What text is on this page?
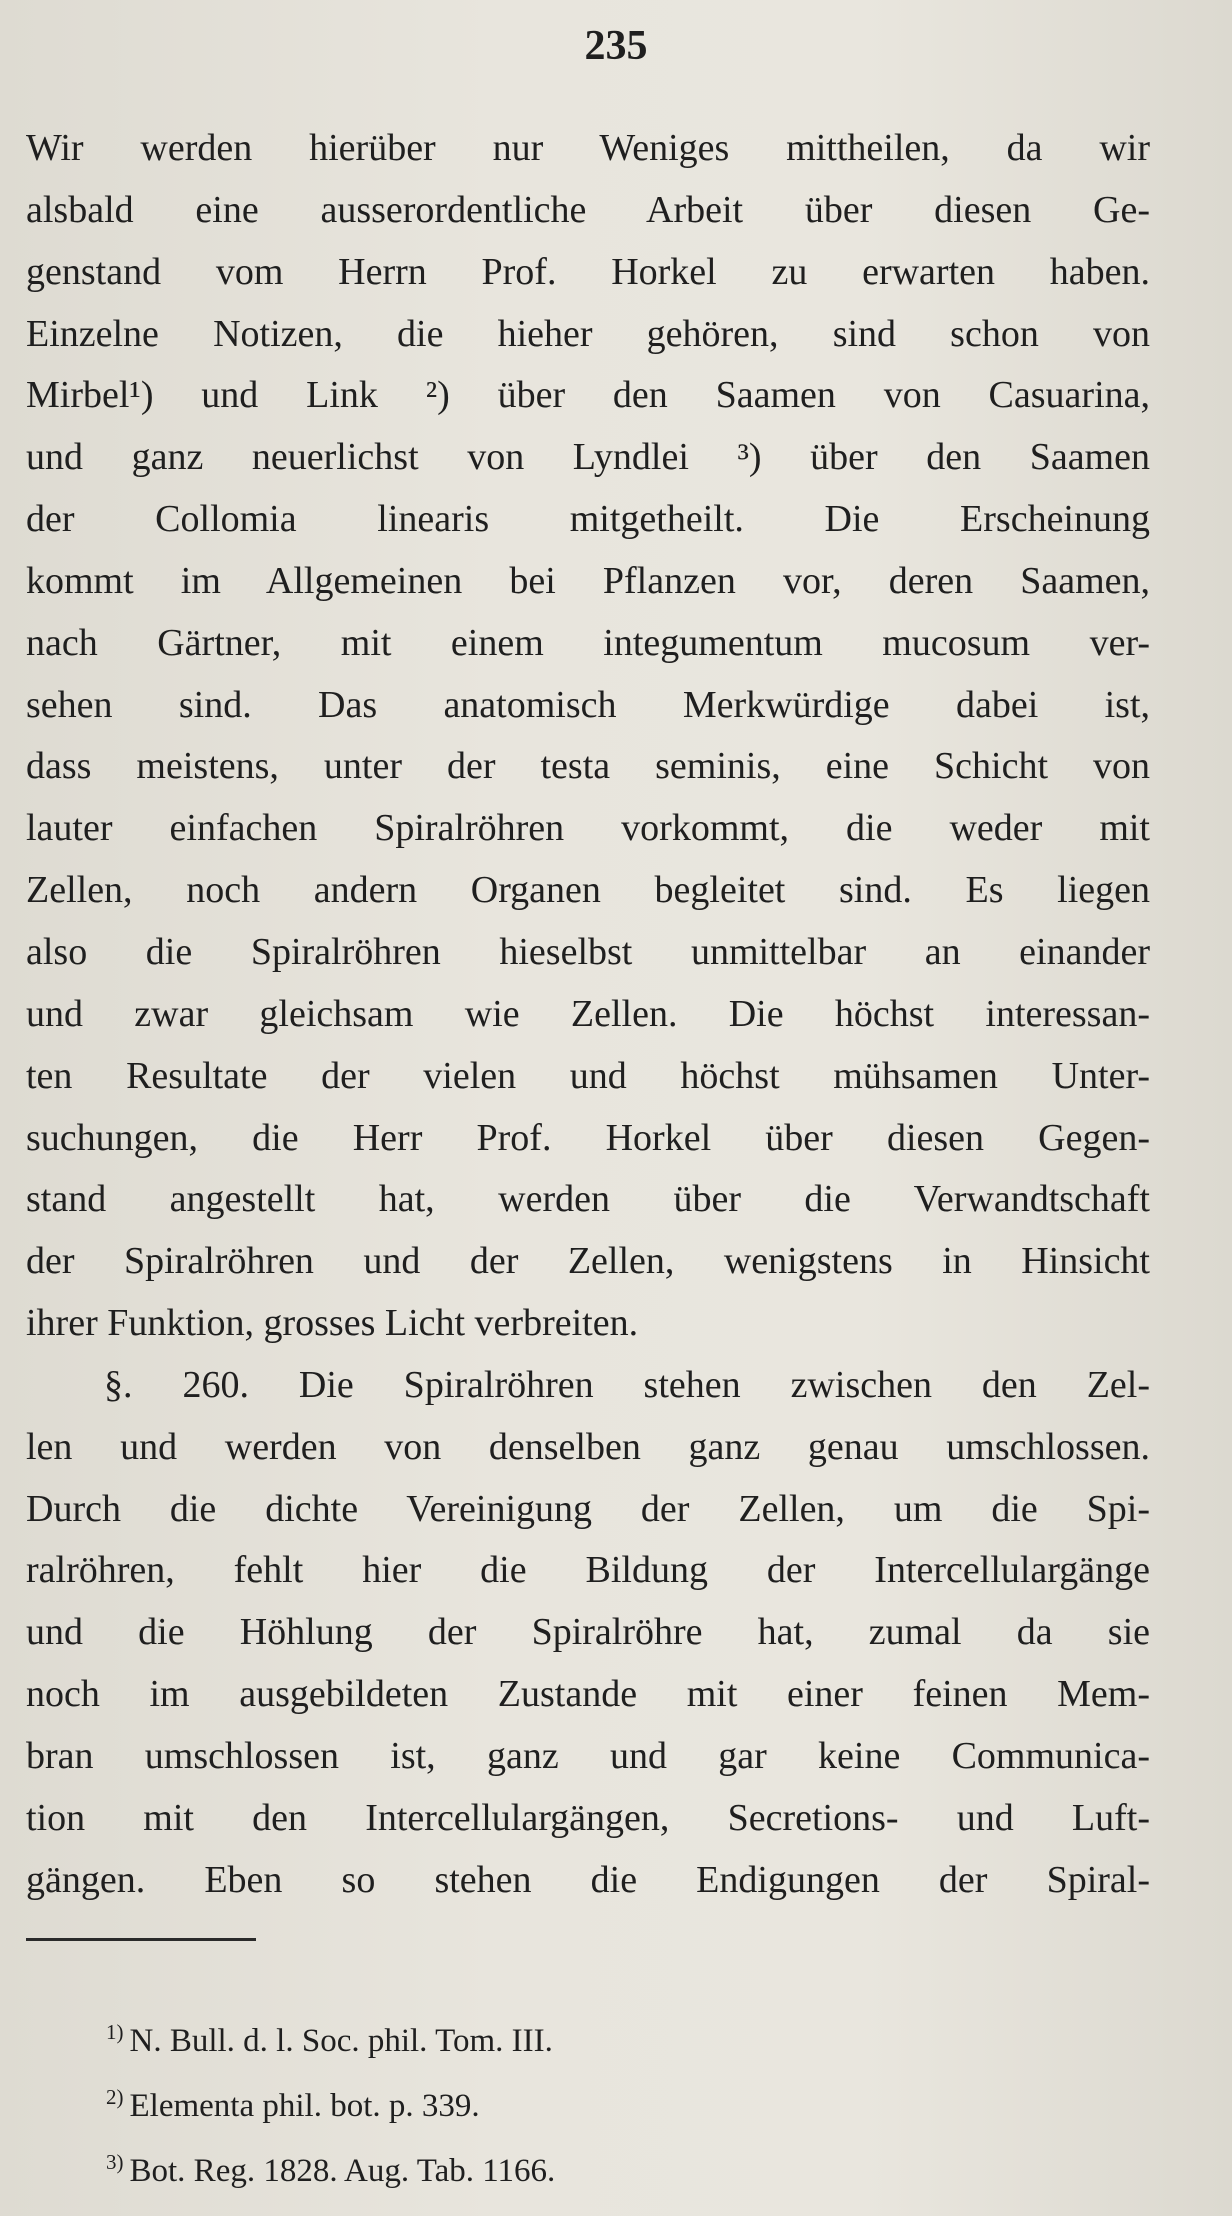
235
Wir werden hierüber nur Weniges mittheilen, da wir
alsbald eine ausserordentliche Arbeit über diesen Ge-
genstand vom Herrn Prof. Horkel zu erwarten haben.
Einzelne Notizen, die hieher gehören, sind schon von
Mirbel¹) und Link ²) über den Saamen von Casuarina,
und ganz neuerlichst von Lyndlei ³) über den Saamen
der Collomia linearis mitgetheilt. Die Erscheinung
kommt im Allgemeinen bei Pflanzen vor, deren Saamen,
nach Gärtner, mit einem integumentum mucosum ver-
sehen sind. Das anatomisch Merkwürdige dabei ist,
dass meistens, unter der testa seminis, eine Schicht von
lauter einfachen Spiralröhren vorkommt, die weder mit
Zellen, noch andern Organen begleitet sind. Es liegen
also die Spiralröhren hieselbst unmittelbar an einander
und zwar gleichsam wie Zellen. Die höchst interessan-
ten Resultate der vielen und höchst mühsamen Unter-
suchungen, die Herr Prof. Horkel über diesen Gegen-
stand angestellt hat, werden über die Verwandtschaft
der Spiralröhren und der Zellen, wenigstens in Hinsicht
ihrer Funktion, grosses Licht verbreiten.
§. 260. Die Spiralröhren stehen zwischen den Zel-
len und werden von denselben ganz genau umschlossen.
Durch die dichte Vereinigung der Zellen, um die Spi-
ralröhren, fehlt hier die Bildung der Intercellulargänge
und die Höhlung der Spiralröhre hat, zumal da sie
noch im ausgebildeten Zustande mit einer feinen Mem-
bran umschlossen ist, ganz und gar keine Communica-
tion mit den Intercellulargängen, Secretions- und Luft-
gängen. Eben so stehen die Endigungen der Spiral-
$^{1)}$ N. Bull. d. l. Soc. phil. Tom. III.
$^{2)}$ Elementa phil. bot. p. 339.
$^{3)}$ Bot. Reg. 1828. Aug. Tab. 1166.
